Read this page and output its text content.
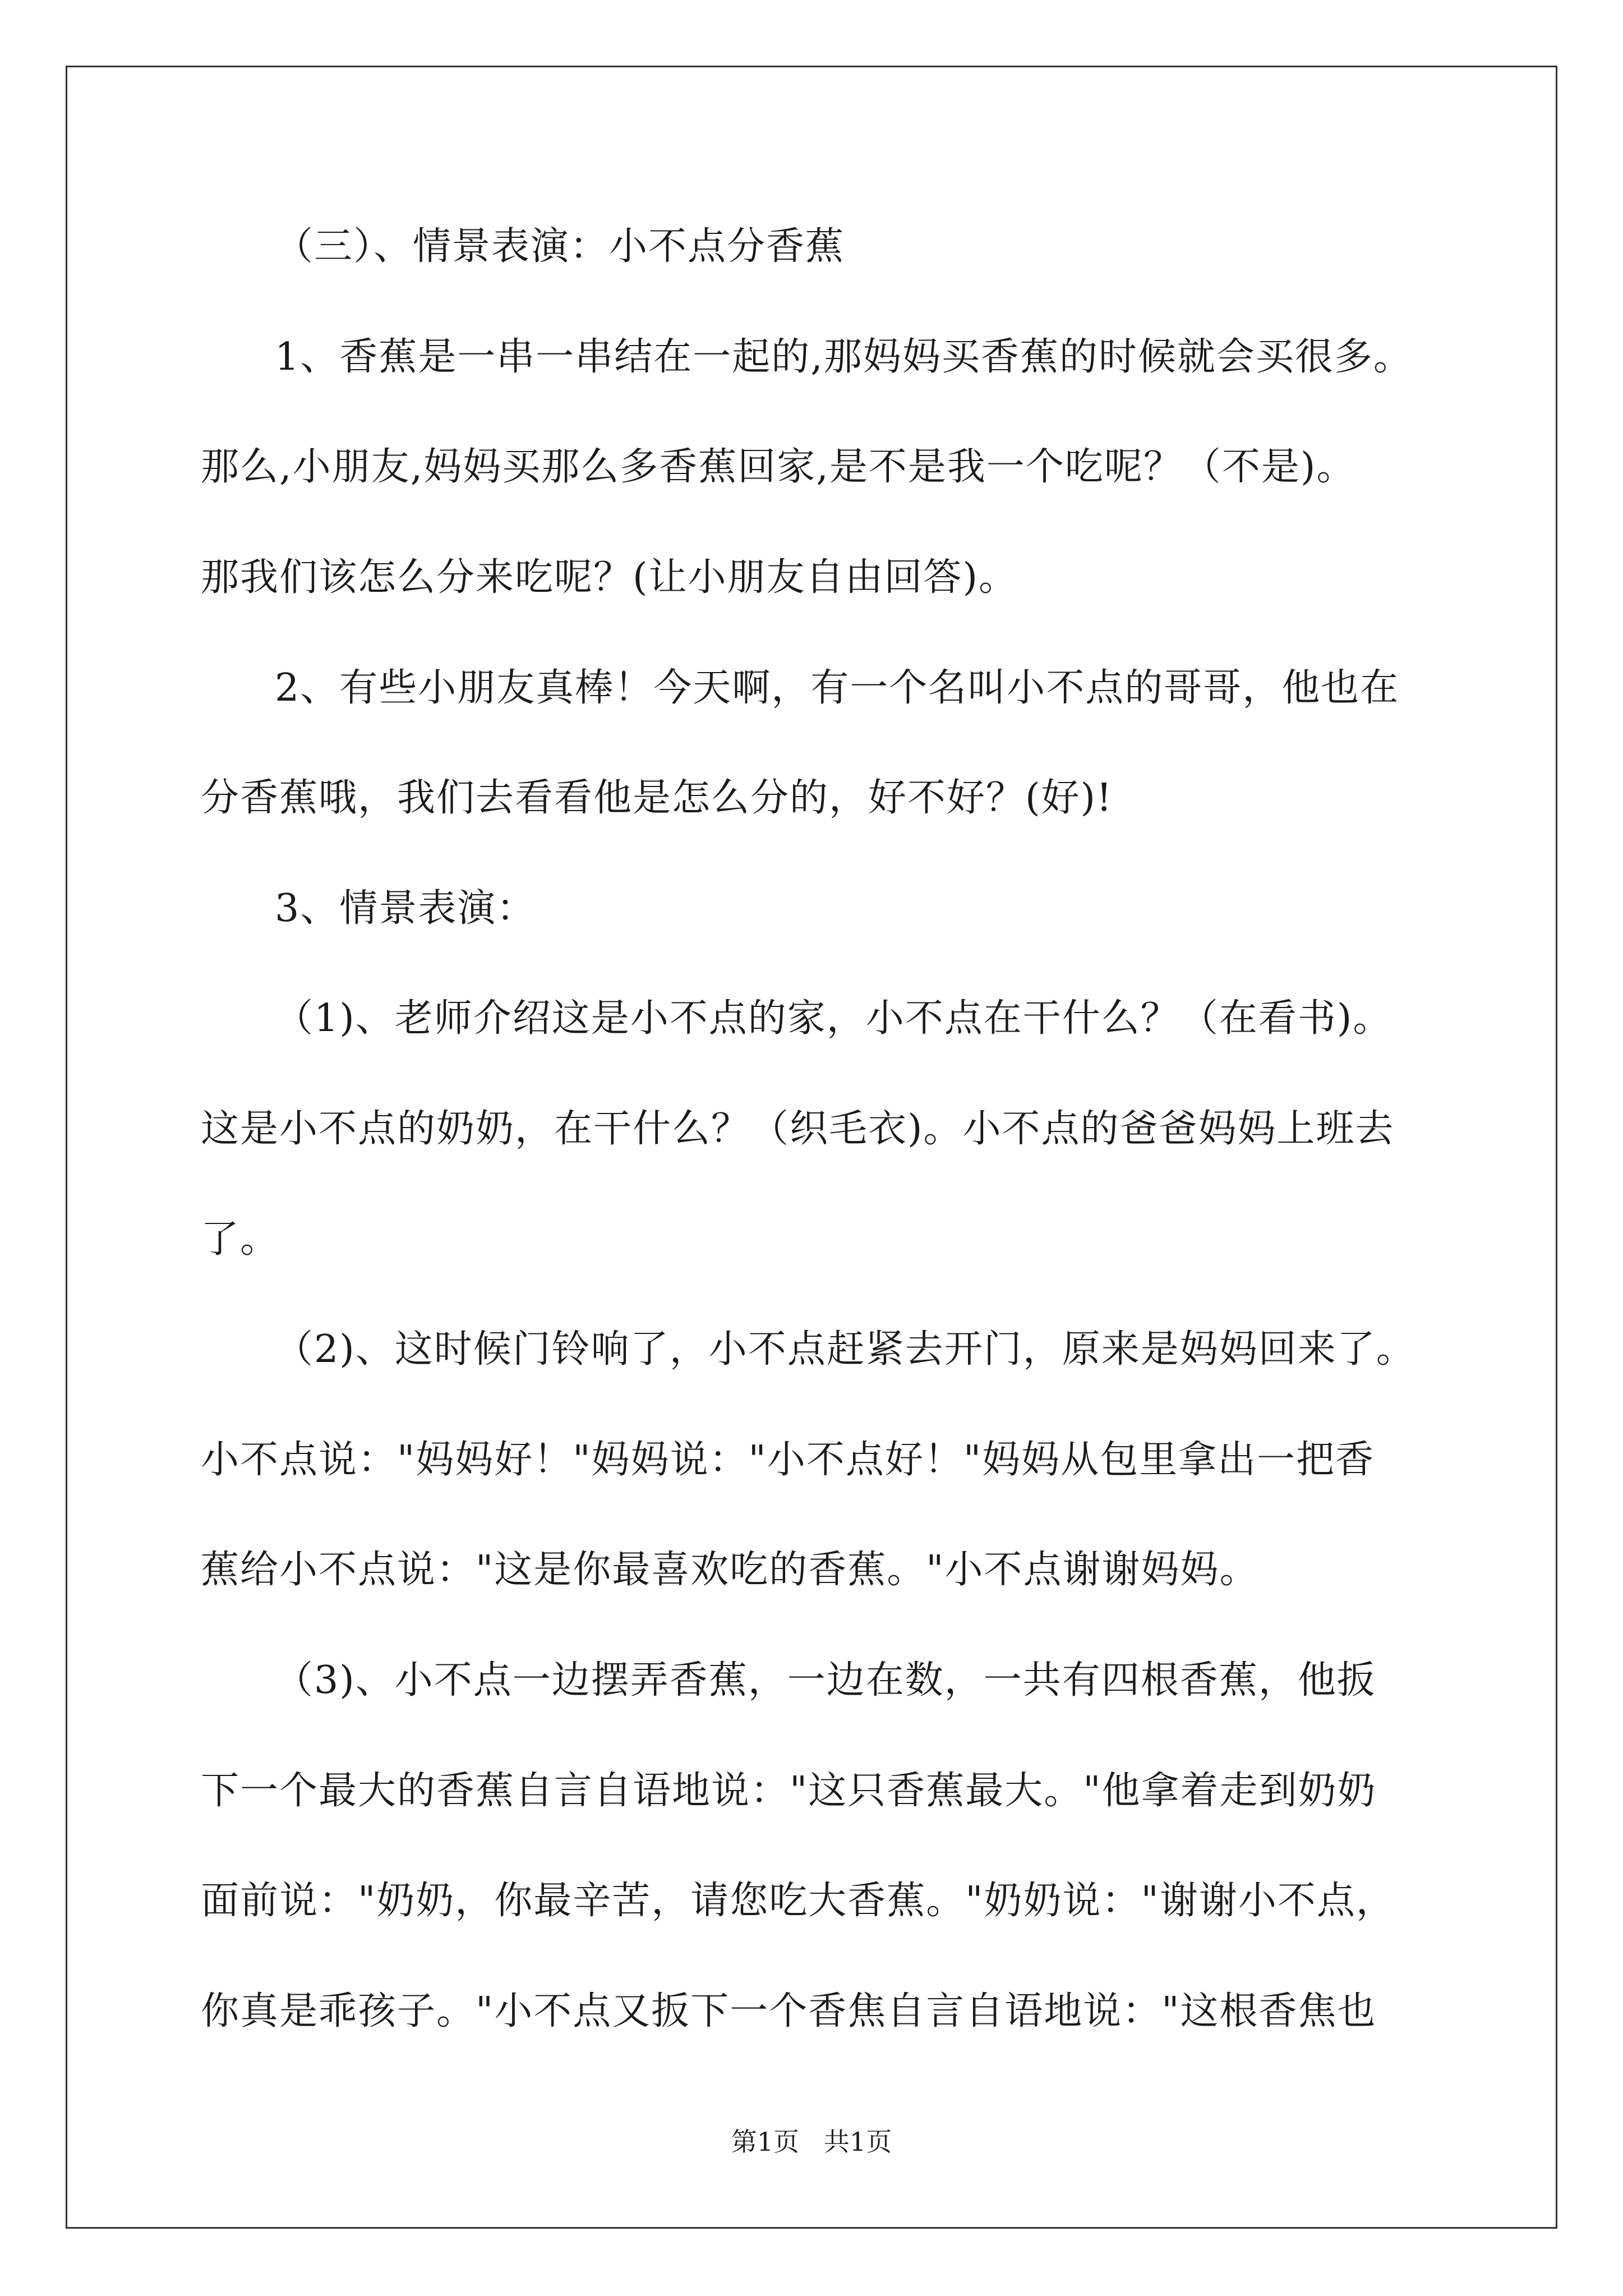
（三）、情景表演：小不点分香蕉
1、香蕉是一串一串结在一起的,那妈妈买香蕉的时候就会买很多。
那么,小朋友,妈妈买那么多香蕉回家,是不是我一个吃呢？（不是)。
那我们该怎么分来吃呢？(让小朋友自由回答)。
2、有些小朋友真棒！今天啊，有一个名叫小不点的哥哥，他也在
分香蕉哦，我们去看看他是怎么分的，好不好？(好)!
3、情景表演：
（1)、老师介绍这是小不点的家，小不点在干什么？（在看书)。
这是小不点的奶奶，在干什么？（织毛衣)。小不点的爸爸妈妈上班去
了。
（2)、这时候门铃响了，小不点赶紧去开门，原来是妈妈回来了。
小不点说："妈妈好！"妈妈说："小不点好！"妈妈从包里拿出一把香
蕉给小不点说："这是你最喜欢吃的香蕉。"小不点谢谢妈妈。
（3)、小不点一边摆弄香蕉，一边在数，一共有四根香蕉，他扳
下一个最大的香蕉自言自语地说："这只香蕉最大。"他拿着走到奶奶
面前说："奶奶，你最辛苦，请您吃大香蕉。"奶奶说："谢谢小不点，
你真是乖孩子。"小不点又扳下一个香焦自言自语地说："这根香焦也
第1页   共1页
